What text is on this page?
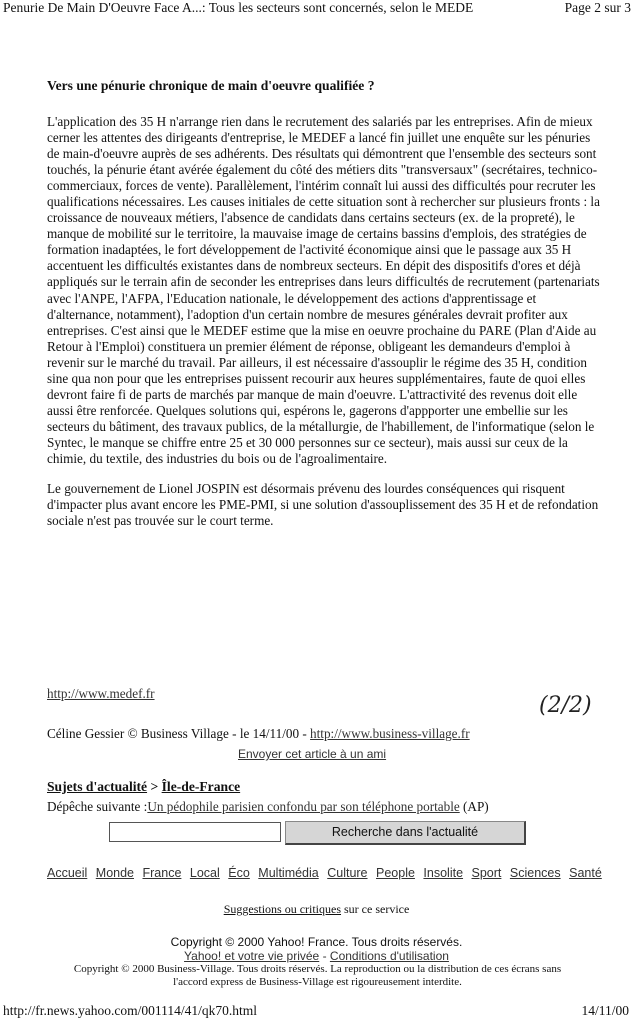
Penurie De Main D'Oeuvre Face A...: Tous les secteurs sont concernés, selon le MEDE	Page 2 sur 3
Vers une pénurie chronique de main d'oeuvre qualifiée ?

L'application des 35 H n'arrange rien dans le recrutement des salariés par les entreprises. Afin de mieux cerner les attentes des dirigeants d'entreprise, le MEDEF a lancé fin juillet une enquête sur les pénuries de main-d'oeuvre auprès de ses adhérents. Des résultats qui démontrent que l'ensemble des secteurs sont touchés, la pénurie étant avérée également du côté des métiers dits "transversaux" (secrétaires, technico-commerciaux, forces de vente). Parallèlement, l'intérim connaît lui aussi des difficultés pour recruter les qualifications nécessaires. Les causes initiales de cette situation sont à rechercher sur plusieurs fronts : la croissance de nouveaux métiers, l'absence de candidats dans certains secteurs (ex. de la propreté), le manque de mobilité sur le territoire, la mauvaise image de certains bassins d'emplois, des stratégies de formation inadaptées, le fort développement de l'activité économique ainsi que le passage aux 35 H accentuent les difficultés existantes dans de nombreux secteurs. En dépit des dispositifs d'ores et déjà appliqués sur le terrain afin de seconder les entreprises dans leurs difficultés de recrutement (partenariats avec l'ANPE, l'AFPA, l'Education nationale, le développement des actions d'apprentissage et d'alternance, notamment), l'adoption d'un certain nombre de mesures générales devrait profiter aux entreprises. C'est ainsi que le MEDEF estime que la mise en oeuvre prochaine du PARE (Plan d'Aide au Retour à l'Emploi) constituera un premier élément de réponse, obligeant les demandeurs d'emploi à revenir sur le marché du travail. Par ailleurs, il est nécessaire d'assouplir le régime des 35 H, condition sine qua non pour que les entreprises puissent recourir aux heures supplémentaires, faute de quoi elles devront faire fi de parts de marchés par manque de main d'oeuvre. L'attractivité des revenus doit elle aussi être renforcée. Quelques solutions qui, espérons le, gagerons d'appporter une embellie sur les secteurs du bâtiment, des travaux publics, de la métallurgie, de l'habillement, de l'informatique (selon le Syntec, le manque se chiffre entre 25 et 30 000 personnes sur ce secteur), mais aussi sur ceux de la chimie, du textile, des industries du bois ou de l'agroalimentaire.

Le gouvernement de Lionel JOSPIN est désormais prévenu des lourdes conséquences qui risquent d'impacter plus avant encore les PME-PMI, si une solution d'assouplissement des 35 H et de refondation sociale n'est pas trouvée sur le court terme.

http://www.medef.fr	(2/2)
Céline Gessier © Business Village - le 14/11/00 - http://www.business-village.fr
Envoyer cet article à un ami
Sujets d'actualité > Île-de-France
Dépêche suivante :Un pédophile parisien confondu par son téléphone portable (AP)
Recherche dans l'actualité
Accueil Monde France Local Éco Multimédia Culture People Insolite Sport Sciences Santé
Suggestions ou critiques sur ce service
Copyright © 2000 Yahoo! France. Tous droits réservés.
Yahoo! et votre vie privée - Conditions d'utilisation
Copyright © 2000 Business-Village. Tous droits réservés. La reproduction ou la distribution de ces écrans sans l'accord express de Business-Village est rigoureusement interdite.
http://fr.news.yahoo.com/001114/41/qk70.html	14/11/00
